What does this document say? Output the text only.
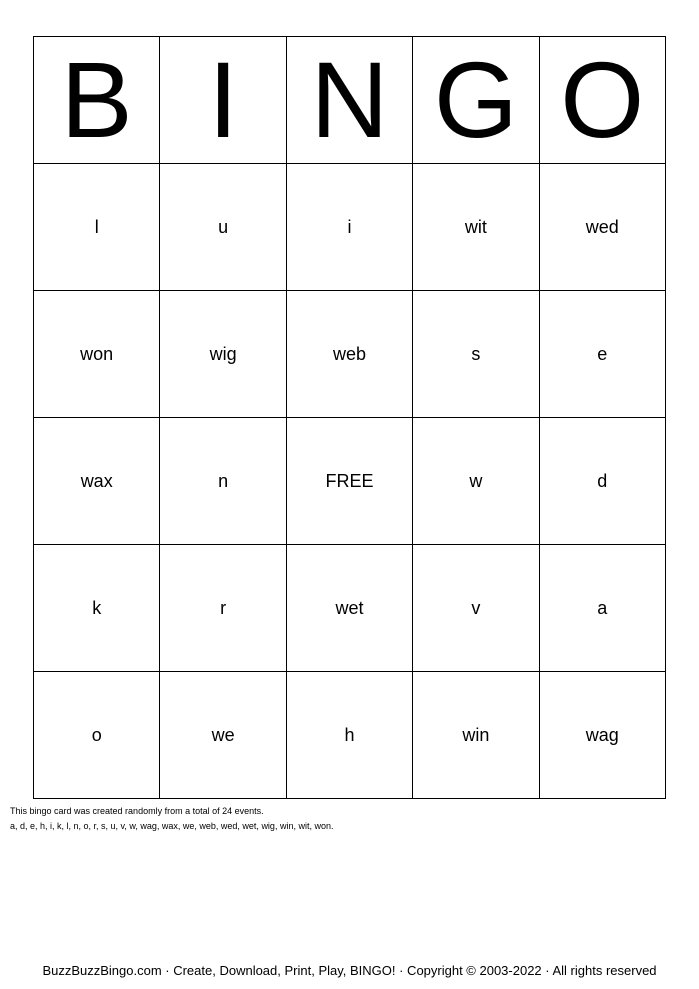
B	I	N	G	O
l	u	i	wit	wed
won	wig	web	s	e
wax	n	FREE	w	d
k	r	wet	v	a
o	we	h	win	wag
This bingo card was created randomly from a total of 24 events.
a, d, e, h, i, k, l, n, o, r, s, u, v, w, wag, wax, we, web, wed, wet, wig, win, wit, won.
BuzzBuzzBingo.com · Create, Download, Print, Play, BINGO! · Copyright © 2003-2022 · All rights reserved
